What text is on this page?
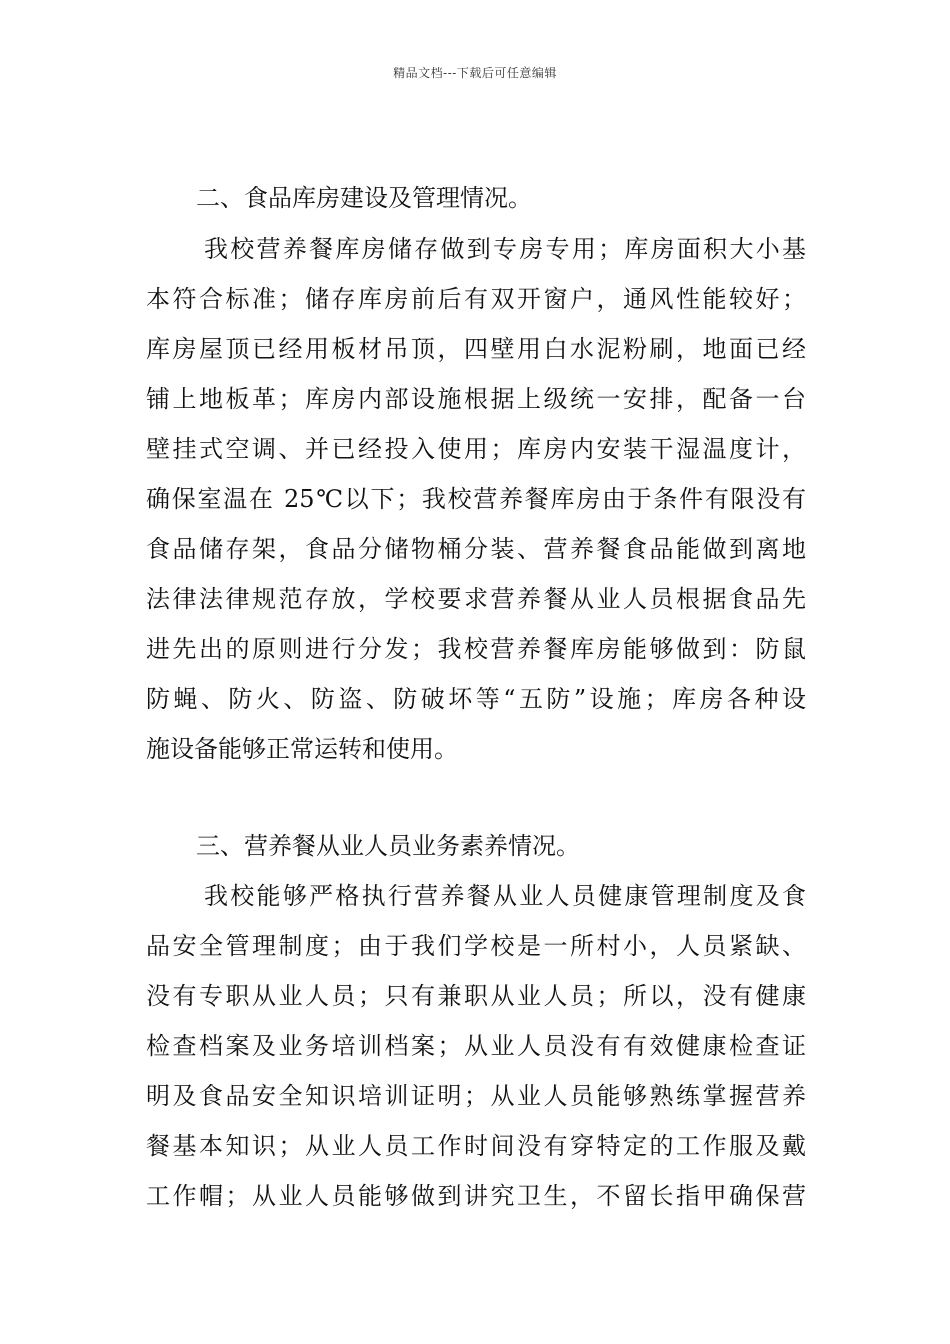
精品文档---下载后可任意编辑
二、食品库房建设及管理情况。
我校营养餐库房储存做到专房专用；库房面积大小基
本符合标准；储存库房前后有双开窗户，通风性能较好；
库房屋顶已经用板材吊顶，四壁用白水泥粉刷，地面已经
铺上地板革；库房内部设施根据上级统一安排，配备一台
壁挂式空调、并已经投入使用；库房内安装干湿温度计，
确保室温在 25℃以下；我校营养餐库房由于条件有限没有
食品储存架，食品分储物桶分装、营养餐食品能做到离地
法律法律规范存放，学校要求营养餐从业人员根据食品先
进先出的原则进行分发；我校营养餐库房能够做到：防鼠
防蝇、防火、防盗、防破坏等“五防”设施；库房各种设
施设备能够正常运转和使用。
三、营养餐从业人员业务素养情况。
我校能够严格执行营养餐从业人员健康管理制度及食
品安全管理制度；由于我们学校是一所村小，人员紧缺、
没有专职从业人员；只有兼职从业人员；所以，没有健康
检查档案及业务培训档案；从业人员没有有效健康检查证
明及食品安全知识培训证明；从业人员能够熟练掌握营养
餐基本知识；从业人员工作时间没有穿特定的工作服及戴
工作帽；从业人员能够做到讲究卫生，不留长指甲确保营
